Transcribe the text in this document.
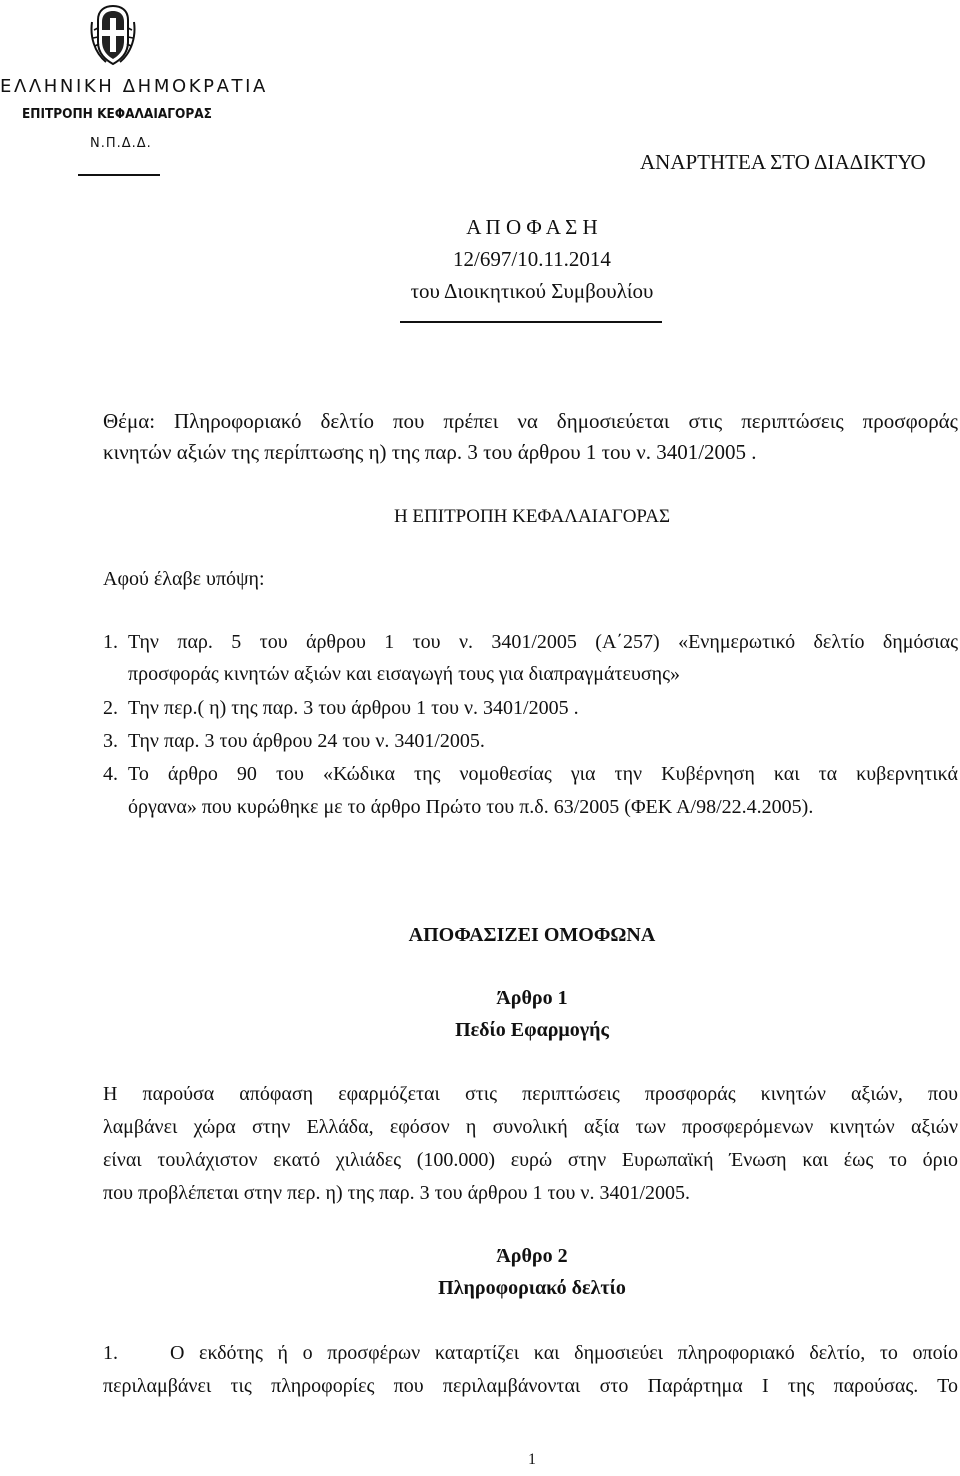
ΕΛΛΗΝΙΚΗ ΔΗΜΟΚΡΑΤΙΑ
ΕΠΙΤΡΟΠΗ ΚΕΦΑΛΑΙΑΓΟΡΑΣ
Ν.Π.Δ.Δ.
ΑΝΑΡΤΗΤΕΑ ΣΤΟ ΔΙΑΔΙΚΤΥΟ
Α Π Ο Φ Α Σ Η
12/697/10.11.2014
του Διοικητικού Συμβουλίου
Θέμα: Πληροφοριακό δελτίο που πρέπει να δημοσιεύεται στις περιπτώσεις προσφοράς
κινητών αξιών της περίπτωσης η) της παρ. 3 του άρθρου 1 του ν. 3401/2005 .
Η ΕΠΙΤΡΟΠΗ ΚΕΦΑΛΑΙΑΓΟΡΑΣ
Αφού έλαβε υπόψη:
1. Την παρ. 5 του άρθρου 1 του ν. 3401/2005 (Α΄257) «Ενημερωτικό δελτίο δημόσιας
προσφοράς κινητών αξιών και εισαγωγή τους για διαπραγμάτευσης»
2. Την περ.( η) της παρ. 3 του άρθρου 1 του ν. 3401/2005 .
3. Την παρ. 3 του άρθρου 24 του ν. 3401/2005.
4. Το άρθρο 90 του «Κώδικα της νομοθεσίας για την Κυβέρνηση και τα κυβερνητικά
όργανα» που κυρώθηκε με το άρθρο Πρώτο του π.δ. 63/2005 (ΦΕΚ Α/98/22.4.2005).
ΑΠΟΦΑΣΙΖΕΙ ΟΜΟΦΩΝΑ
Άρθρο 1
Πεδίο Εφαρμογής
Η παρούσα απόφαση εφαρμόζεται στις περιπτώσεις προσφοράς κινητών αξιών, που
λαμβάνει χώρα στην Ελλάδα, εφόσον η συνολική αξία των προσφερόμενων κινητών αξιών
είναι τουλάχιστον εκατό χιλιάδες (100.000) ευρώ στην Ευρωπαϊκή Ένωση και έως το όριο
που προβλέπεται στην περ. η) της παρ. 3 του άρθρου 1 του ν. 3401/2005.
Άρθρο 2
Πληροφοριακό δελτίο
1.	Ο εκδότης ή ο προσφέρων καταρτίζει και δημοσιεύει πληροφοριακό δελτίο, το οποίο
περιλαμβάνει τις πληροφορίες που περιλαμβάνονται στο Παράρτημα Ι της παρούσας. Το
1
